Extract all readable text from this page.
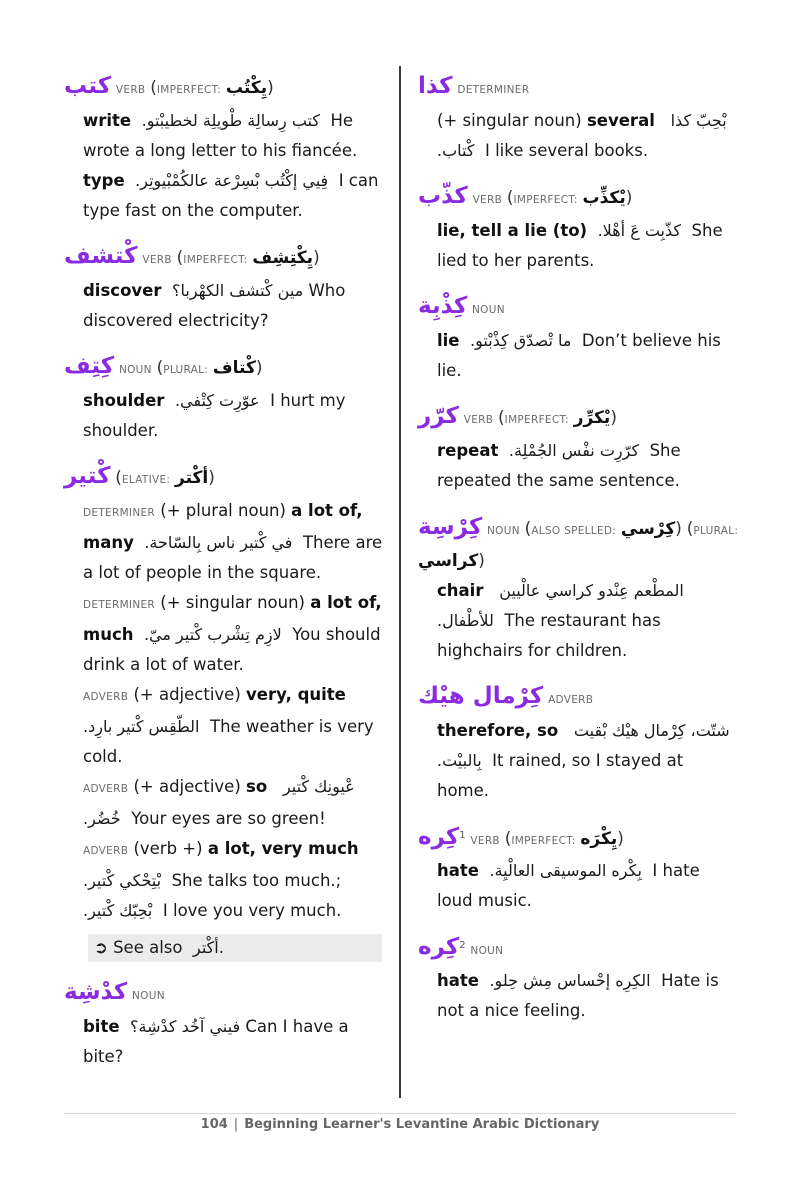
كتب VERB (IMPERFECT: يِكْتُب)

write كتب رِسالِة طْويلِة لخطيبْتو. He wrote a long letter to his fiancée.

type فِيي إكْتُب بْسِرْعة عالكُمْبْيوتِر. I can type fast on the computer.

كْتشف VERB (IMPERFECT: يِكْتِشِف)

discover مين كْتشف الكهْربا؟ Who discovered electricity?

كِتِف NOUN (PLURAL: كْتاف)

shoulder عوّرِت كِتْفي. I hurt my shoulder.

كْتير (ELATIVE: أكْتر)

DETERMINER (+ plural noun) a lot of, many في كْتير ناس بِالسّاحة. There are a lot of people in the square.

DETERMINER (+ singular noun) a lot of, much لازِم تِشْرب كْتير ميّ. You should drink a lot of water.

ADVERB (+ adjective) very, quite الطّقِس كْتير بارِد. The weather is very cold.

ADVERB (+ adjective) so عْيونِك كْتير خُضُر. Your eyes are so green!

ADVERB (verb +) a lot, very much بْتِحْكي كْتير. She talks too much.;
بْحِبّك كْتير. I love you very much.

➲ See also أكْتر.
كدْشِة NOUN

bite فيني آخُد كدْشِة؟ Can I have a bite?

كذا DETERMINER

(+ singular noun) several بْحِبّ كذا كْتاب. I like several books.

كذّب VERB (IMPERFECT: يْكذِّب)

lie, tell a lie (to) كذّبِت عَ أهْلا. She lied to her parents.

كِذْبِة NOUN

lie ما تْصدّق كِذْبْتو. Don’t believe his lie.

كرّر VERB (IMPERFECT: يْكرِّر)

repeat كرّرِت نفْس الجُمْلِة. She repeated the same sentence.

كِرْسِة NOUN (ALSO SPELLED: كِرْسي) (PLURAL: كراسي)

chair المطْعم عِنْدو كراسي عالْيين للأطْفال. The restaurant has highchairs for children.

كِرْمال هيْك ADVERB

therefore, so شتّت، كِرْمال هيْك بْقيت بِالبيْت. It rained, so I stayed at home.

كِره$^1$ VERB (IMPERFECT: يِكْرَه)

hate بِكْره الموسيقى العالْيِة. I hate loud music.

كِره$^2$ NOUN

hate الكِرِه إحْساس مِش حِلو. Hate is not a nice feeling.

104 | Beginning Learner's Levantine Arabic Dictionary
